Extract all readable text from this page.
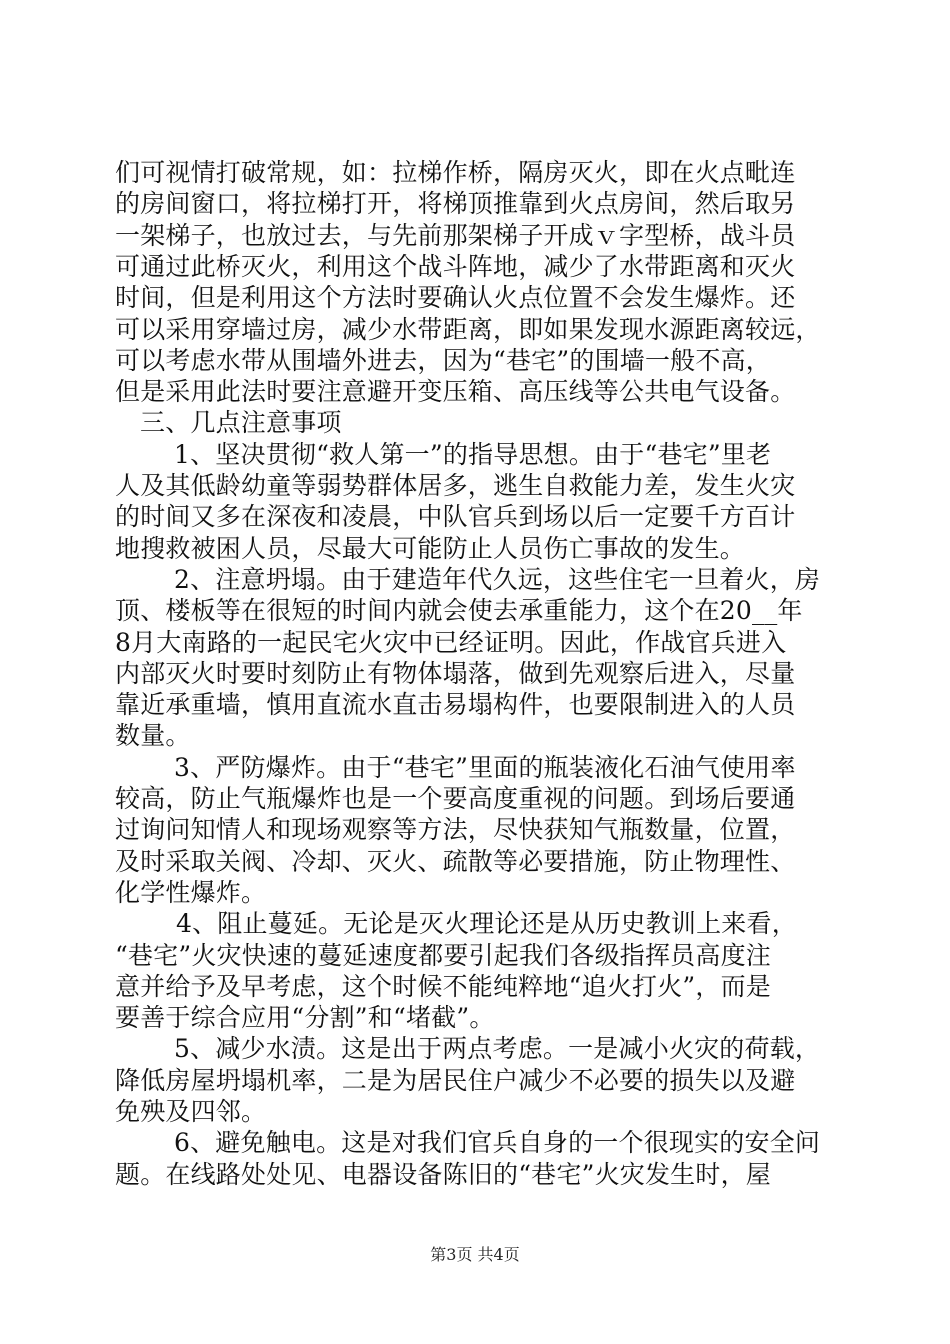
们可视情打破常规，如：拉梯作桥，隔房灭火，即在火点毗连
的房间窗口，将拉梯打开，将梯顶推靠到火点房间，然后取另
一架梯子，也放过去，与先前那架梯子开成ｖ字型桥，战斗员
可通过此桥灭火，利用这个战斗阵地，减少了水带距离和灭火
时间，但是利用这个方法时要确认火点位置不会发生爆炸。还
可以采用穿墙过房，减少水带距离，即如果发现水源距离较远，
可以考虑水带从围墙外进去，因为“巷宅”的围墙一般不高，
但是采用此法时要注意避开变压箱、高压线等公共电气设备。
三、几点注意事项
1、坚决贯彻“救人第一”的指导思想。由于“巷宅”里老
人及其低龄幼童等弱势群体居多，逃生自救能力差，发生火灾
的时间又多在深夜和凌晨，中队官兵到场以后一定要千方百计
地搜救被困人员，尽最大可能防止人员伤亡事故的发生。
2、注意坍塌。由于建造年代久远，这些住宅一旦着火，房
顶、楼板等在很短的时间内就会使去承重能力，这个在20__年
8月大南路的一起民宅火灾中已经证明。因此，作战官兵进入
内部灭火时要时刻防止有物体塌落，做到先观察后进入，尽量
靠近承重墙，慎用直流水直击易塌构件，也要限制进入的人员
数量。
3、严防爆炸。由于“巷宅”里面的瓶装液化石油气使用率
较高，防止气瓶爆炸也是一个要高度重视的问题。到场后要通
过询问知情人和现场观察等方法，尽快获知气瓶数量，位置，
及时采取关阀、冷却、灭火、疏散等必要措施，防止物理性、
化学性爆炸。
4、阻止蔓延。无论是灭火理论还是从历史教训上来看，
“巷宅”火灾快速的蔓延速度都要引起我们各级指挥员高度注
意并给予及早考虑，这个时候不能纯粹地“追火打火”，而是
要善于综合应用“分割”和“堵截”。
5、减少水渍。这是出于两点考虑。一是减小火灾的荷载，
降低房屋坍塌机率，二是为居民住户减少不必要的损失以及避
免殃及四邻。
6、避免触电。这是对我们官兵自身的一个很现实的安全问
题。在线路处处见、电器设备陈旧的“巷宅”火灾发生时，屋
第3页 共4页
